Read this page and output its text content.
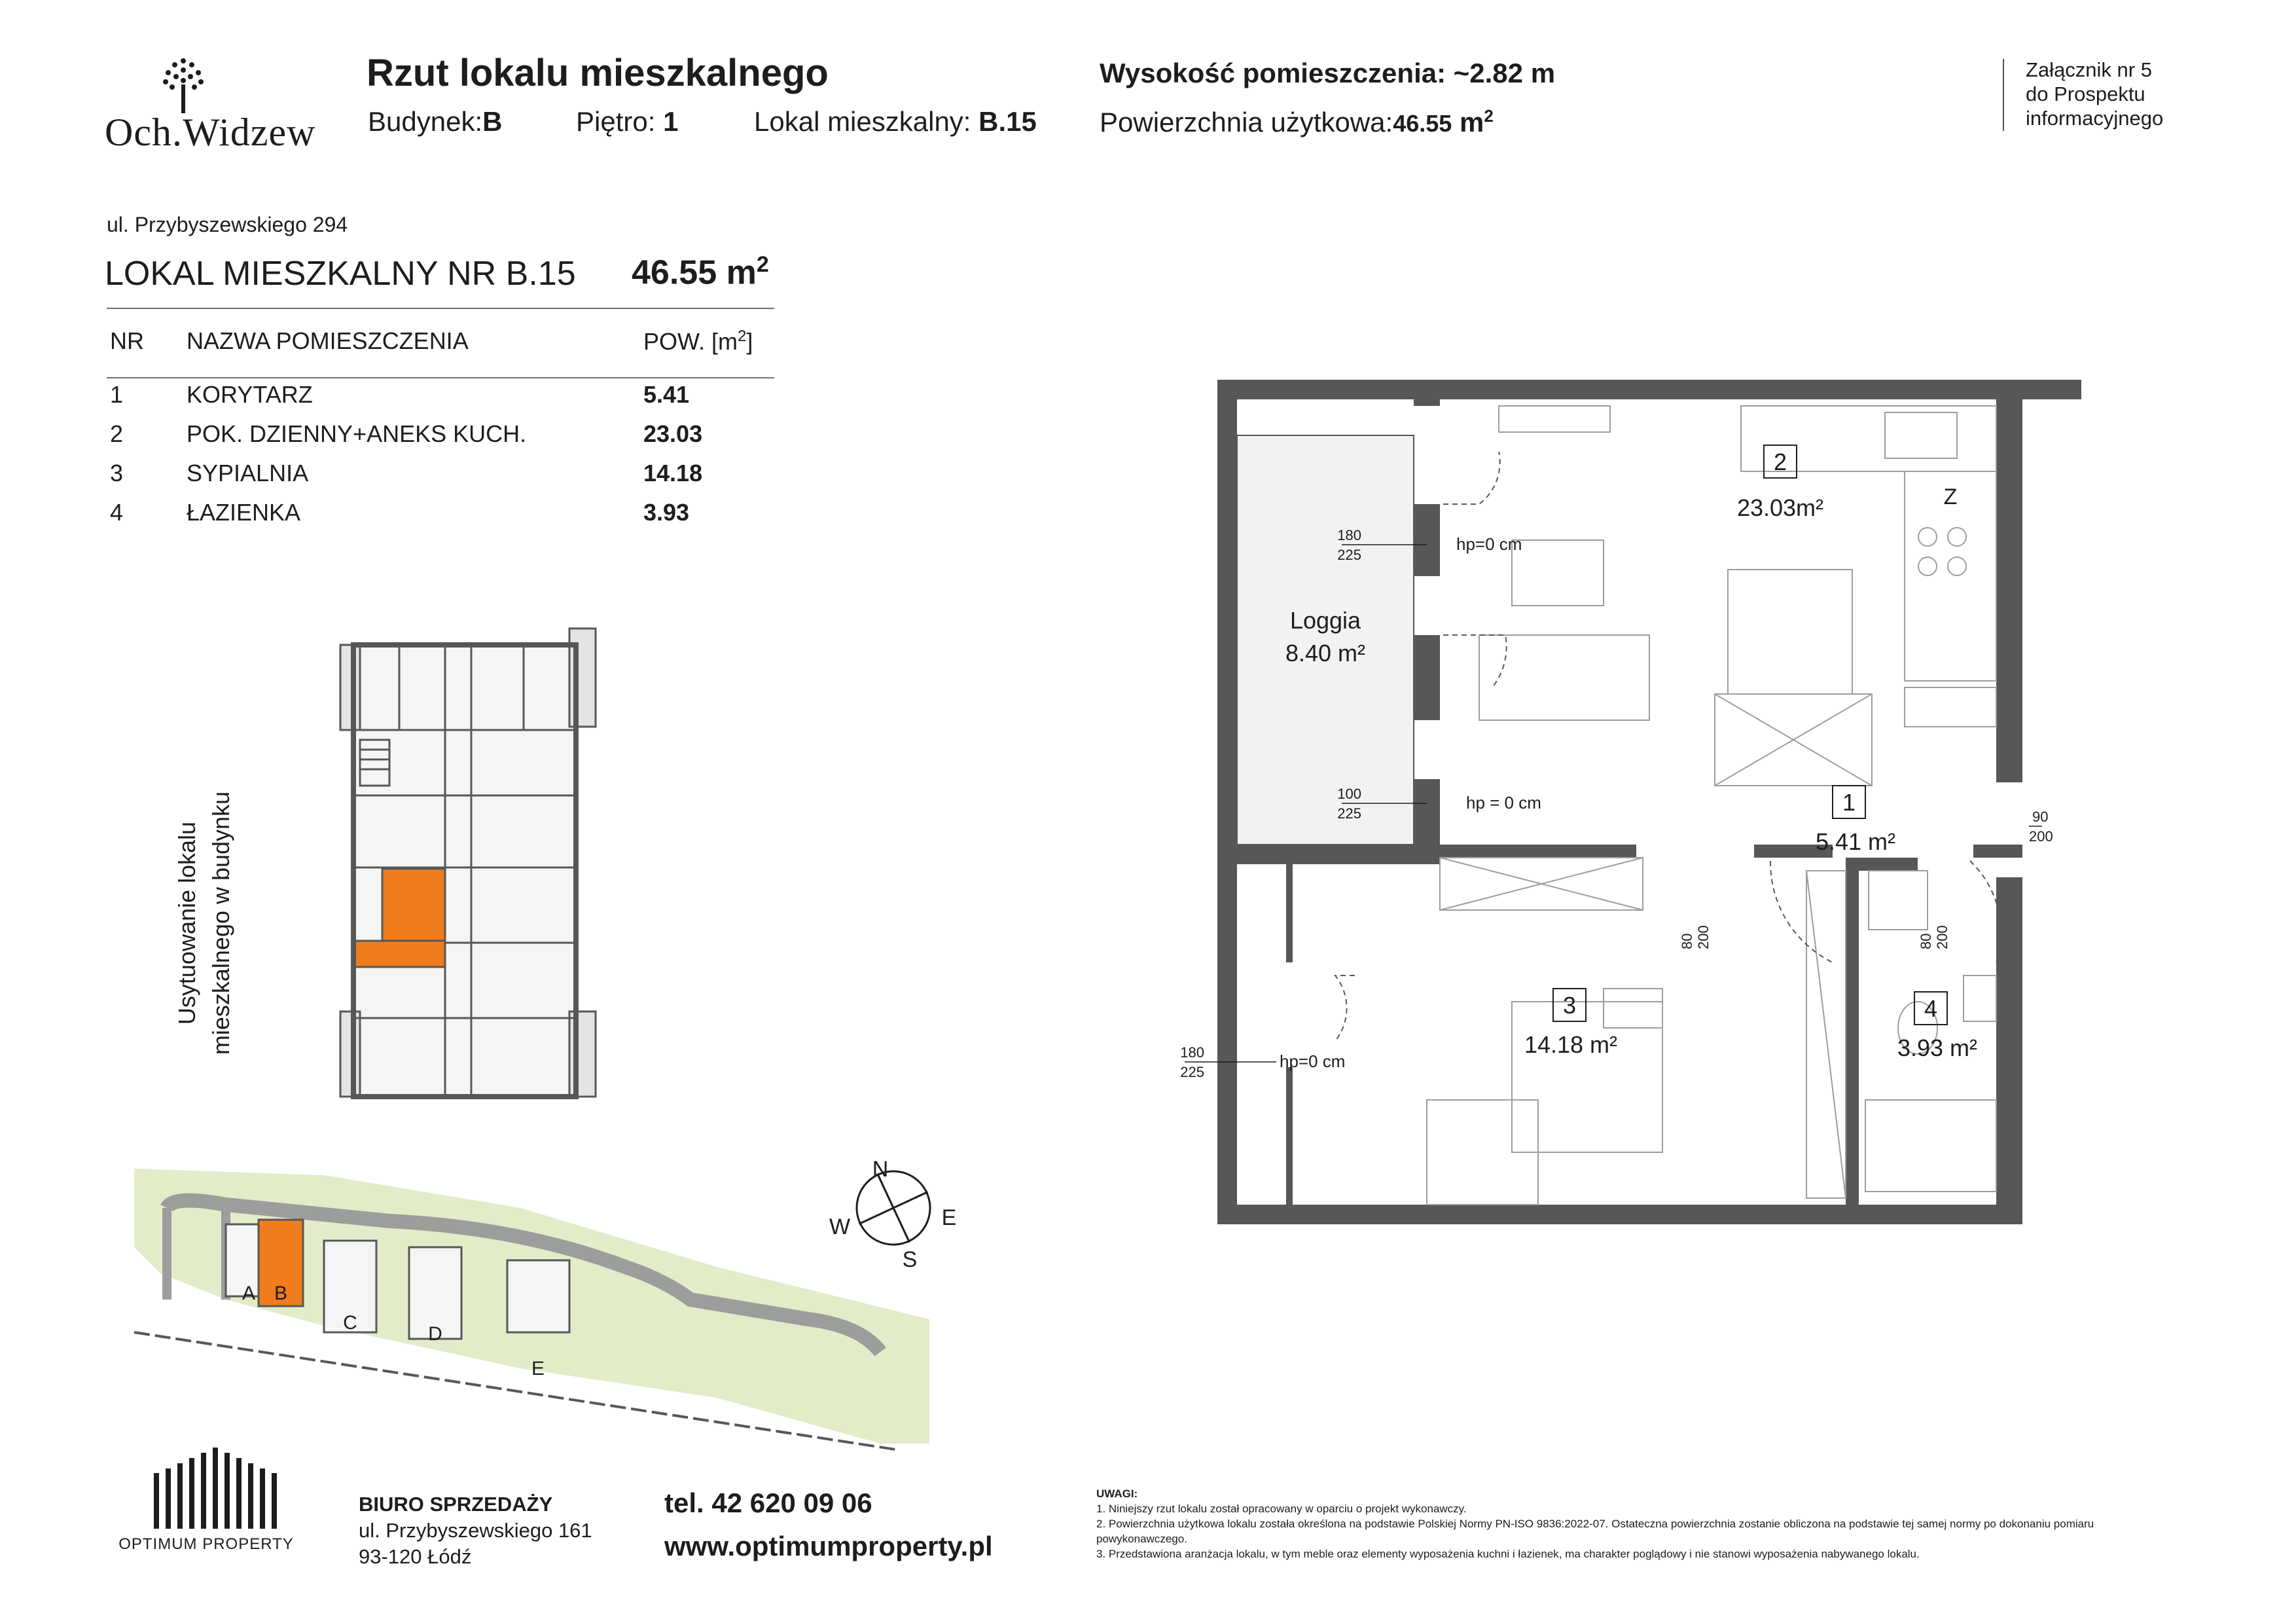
Och.Widzew
Rzut lokalu mieszkalnego
Budynek:B	Piętro: 1	Lokal mieszkalny: B.15
Wysokość pomieszczenia: ~2.82 m
Powierzchnia użytkowa:46.55 $m^2$
Załącznik nr 5
do Prospektu
informacyjnego
ul. Przybyszewskiego 294
LOKAL MIESZKALNY NR B.15 46.55 $m^2$
NR NAZWA POMIESZCZENIA	POW. $[m^2]$
1	KORYTARZ	5.41
2	POK. DZIENNY+ANEKS KUCH.	23.03
3	SYPIALNIA	14.18
4	ŁAZIENKA	3.93
Usytuowanie lokalu mieszkalnego w budynku
A B
C
D
E
N
E
S
W
Loggia
8.40 m²
2
23.03m²
1
5.41 m²
3
14.18 m²
4
3.93 m²
Z
180
225
hp=0 cm
100
225
hp = 0 cm
180
225
hp=0 cm
90
200
80 200	80 200
OPTIMUM PROPERTY
BIURO SPRZEDAŻY
ul. Przybyszewskiego 161
93-120 Łódź
tel. 42 620 09 06
www.optimumproperty.pl
UWAGI:
1. Niniejszy rzut lokalu został opracowany w oparciu o projekt wykonawczy.
2. Powierzchnia użytkowa lokalu została określona na podstawie Polskiej Normy PN-ISO 9836:2022-07. Ostateczna powierzchnia zostanie obliczona na podstawie tej samej normy po dokonaniu pomiaru powykonawczego.
3. Przedstawiona aranżacja lokalu, w tym meble oraz elementy wyposażenia kuchni i łazienek, ma charakter poglądowy i nie stanowi wyposażenia nabywanego lokalu.
